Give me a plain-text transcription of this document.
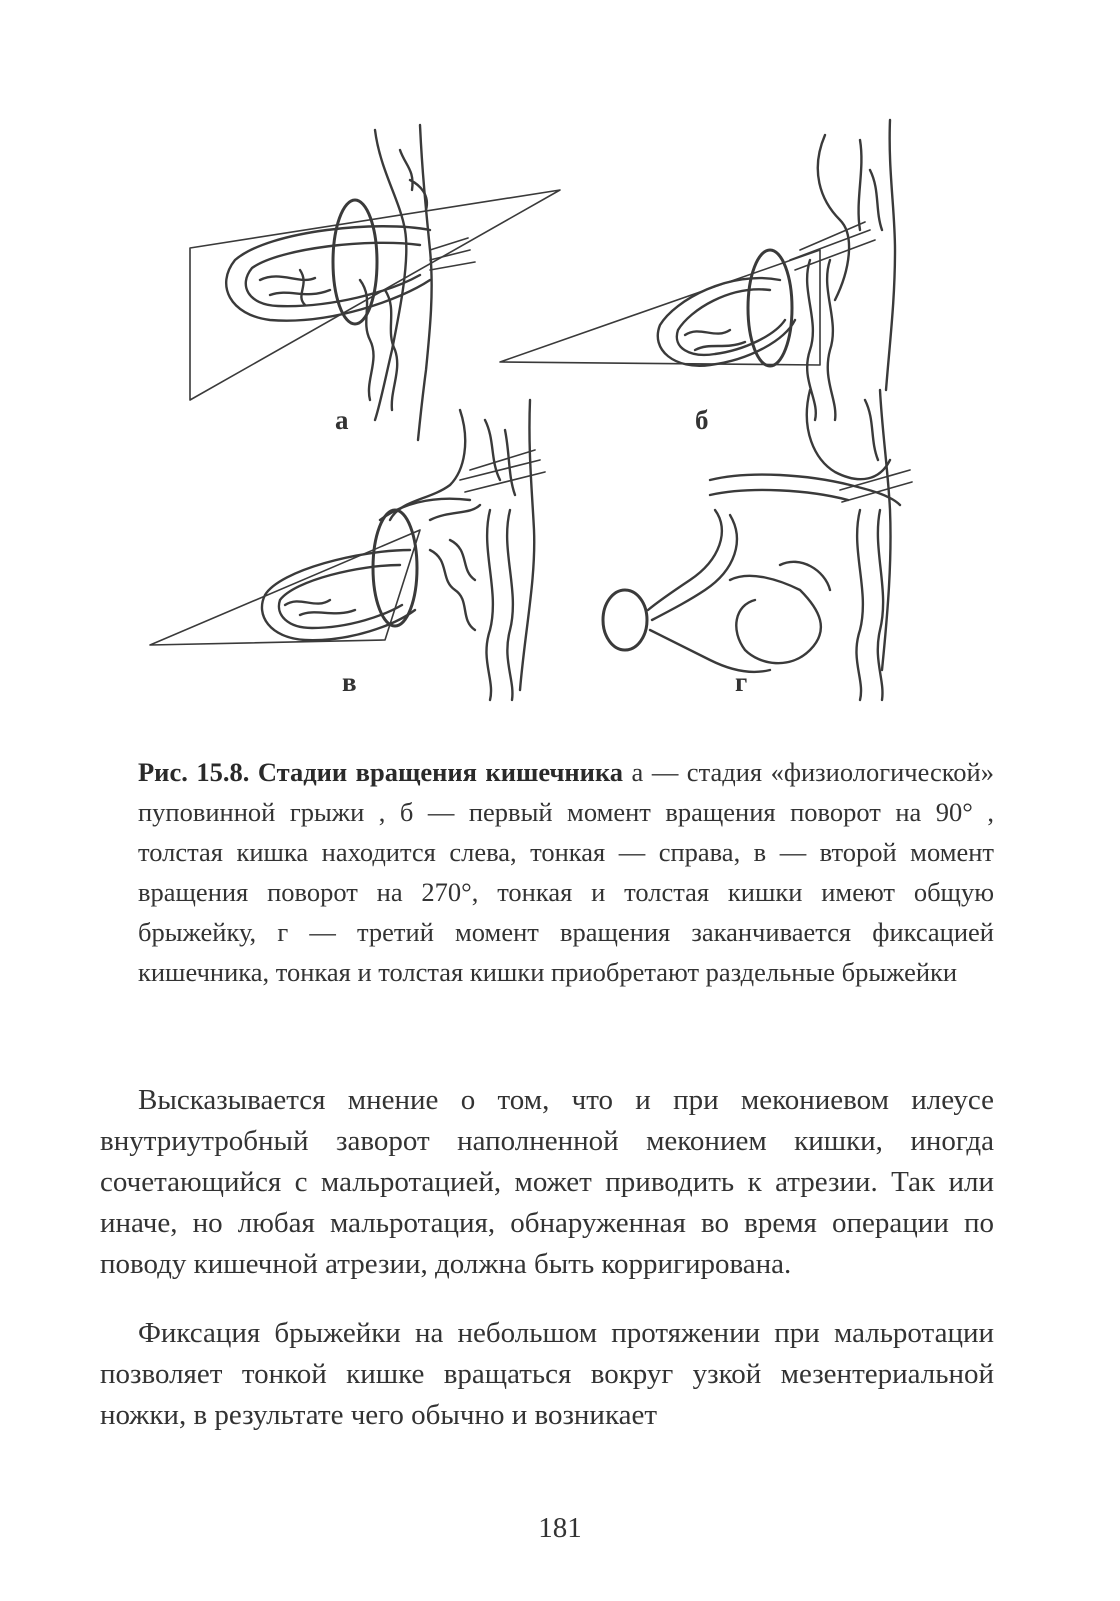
а	б
в	г

Рис. 15.8. Стадии вращения кишечника а — стадия «физиологической» пуповинной грыжи , б — первый момент вращения поворот на 90° , толстая кишка находится слева, тонкая — справа, в — второй момент вращения поворот на 270°, тонкая и толстая кишки имеют общую брыжейку, г — третий момент вращения заканчивается фиксацией кишечника, тонкая и толстая кишки приобретают раздельные брыжейки

Высказывается мнение о том, что и при мекониевом илеусе внутриутробный заворот наполненной меконием кишки, иногда сочетающийся с мальротацией, может приводить к атрезии. Так или иначе, но любая мальротация, обнаруженная во время операции по поводу кишечной атрезии, должна быть корригирована.

Фиксация брыжейки на небольшом протяжении при мальротации позволяет тонкой кишке вращаться вокруг узкой мезентериальной ножки, в результате чего обычно и возникает

181
